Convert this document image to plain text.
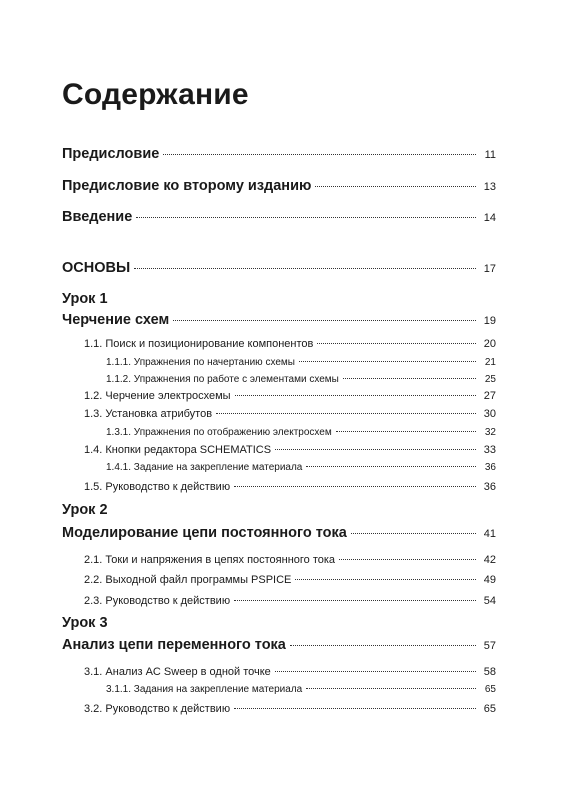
Содержание
Предисловие	11
Предисловие ко второму изданию	13
Введение	14
ОСНОВЫ	17
Урок 1
Черчение схем	19
1.1. Поиск и позиционирование компонентов	20
1.1.1. Упражнения по начертанию схемы	21
1.1.2. Упражнения по работе с элементами схемы	25
1.2. Черчение электросхемы	27
1.3. Установка атрибутов	30
1.3.1. Упражнения по отображению электросхем	32
1.4. Кнопки редактора SCHEMATICS	33
1.4.1. Задание на закрепление материала	36
1.5. Руководство к действию	36
Урок 2
Моделирование цепи постоянного тока	41
2.1. Токи и напряжения в цепях постоянного тока	42
2.2. Выходной файл программы PSPICE	49
2.3. Руководство к действию	54
Урок 3
Анализ цепи переменного тока	57
3.1. Анализ AC Sweep в одной точке	58
3.1.1. Задания на закрепление материала	65
3.2. Руководство к действию	65
